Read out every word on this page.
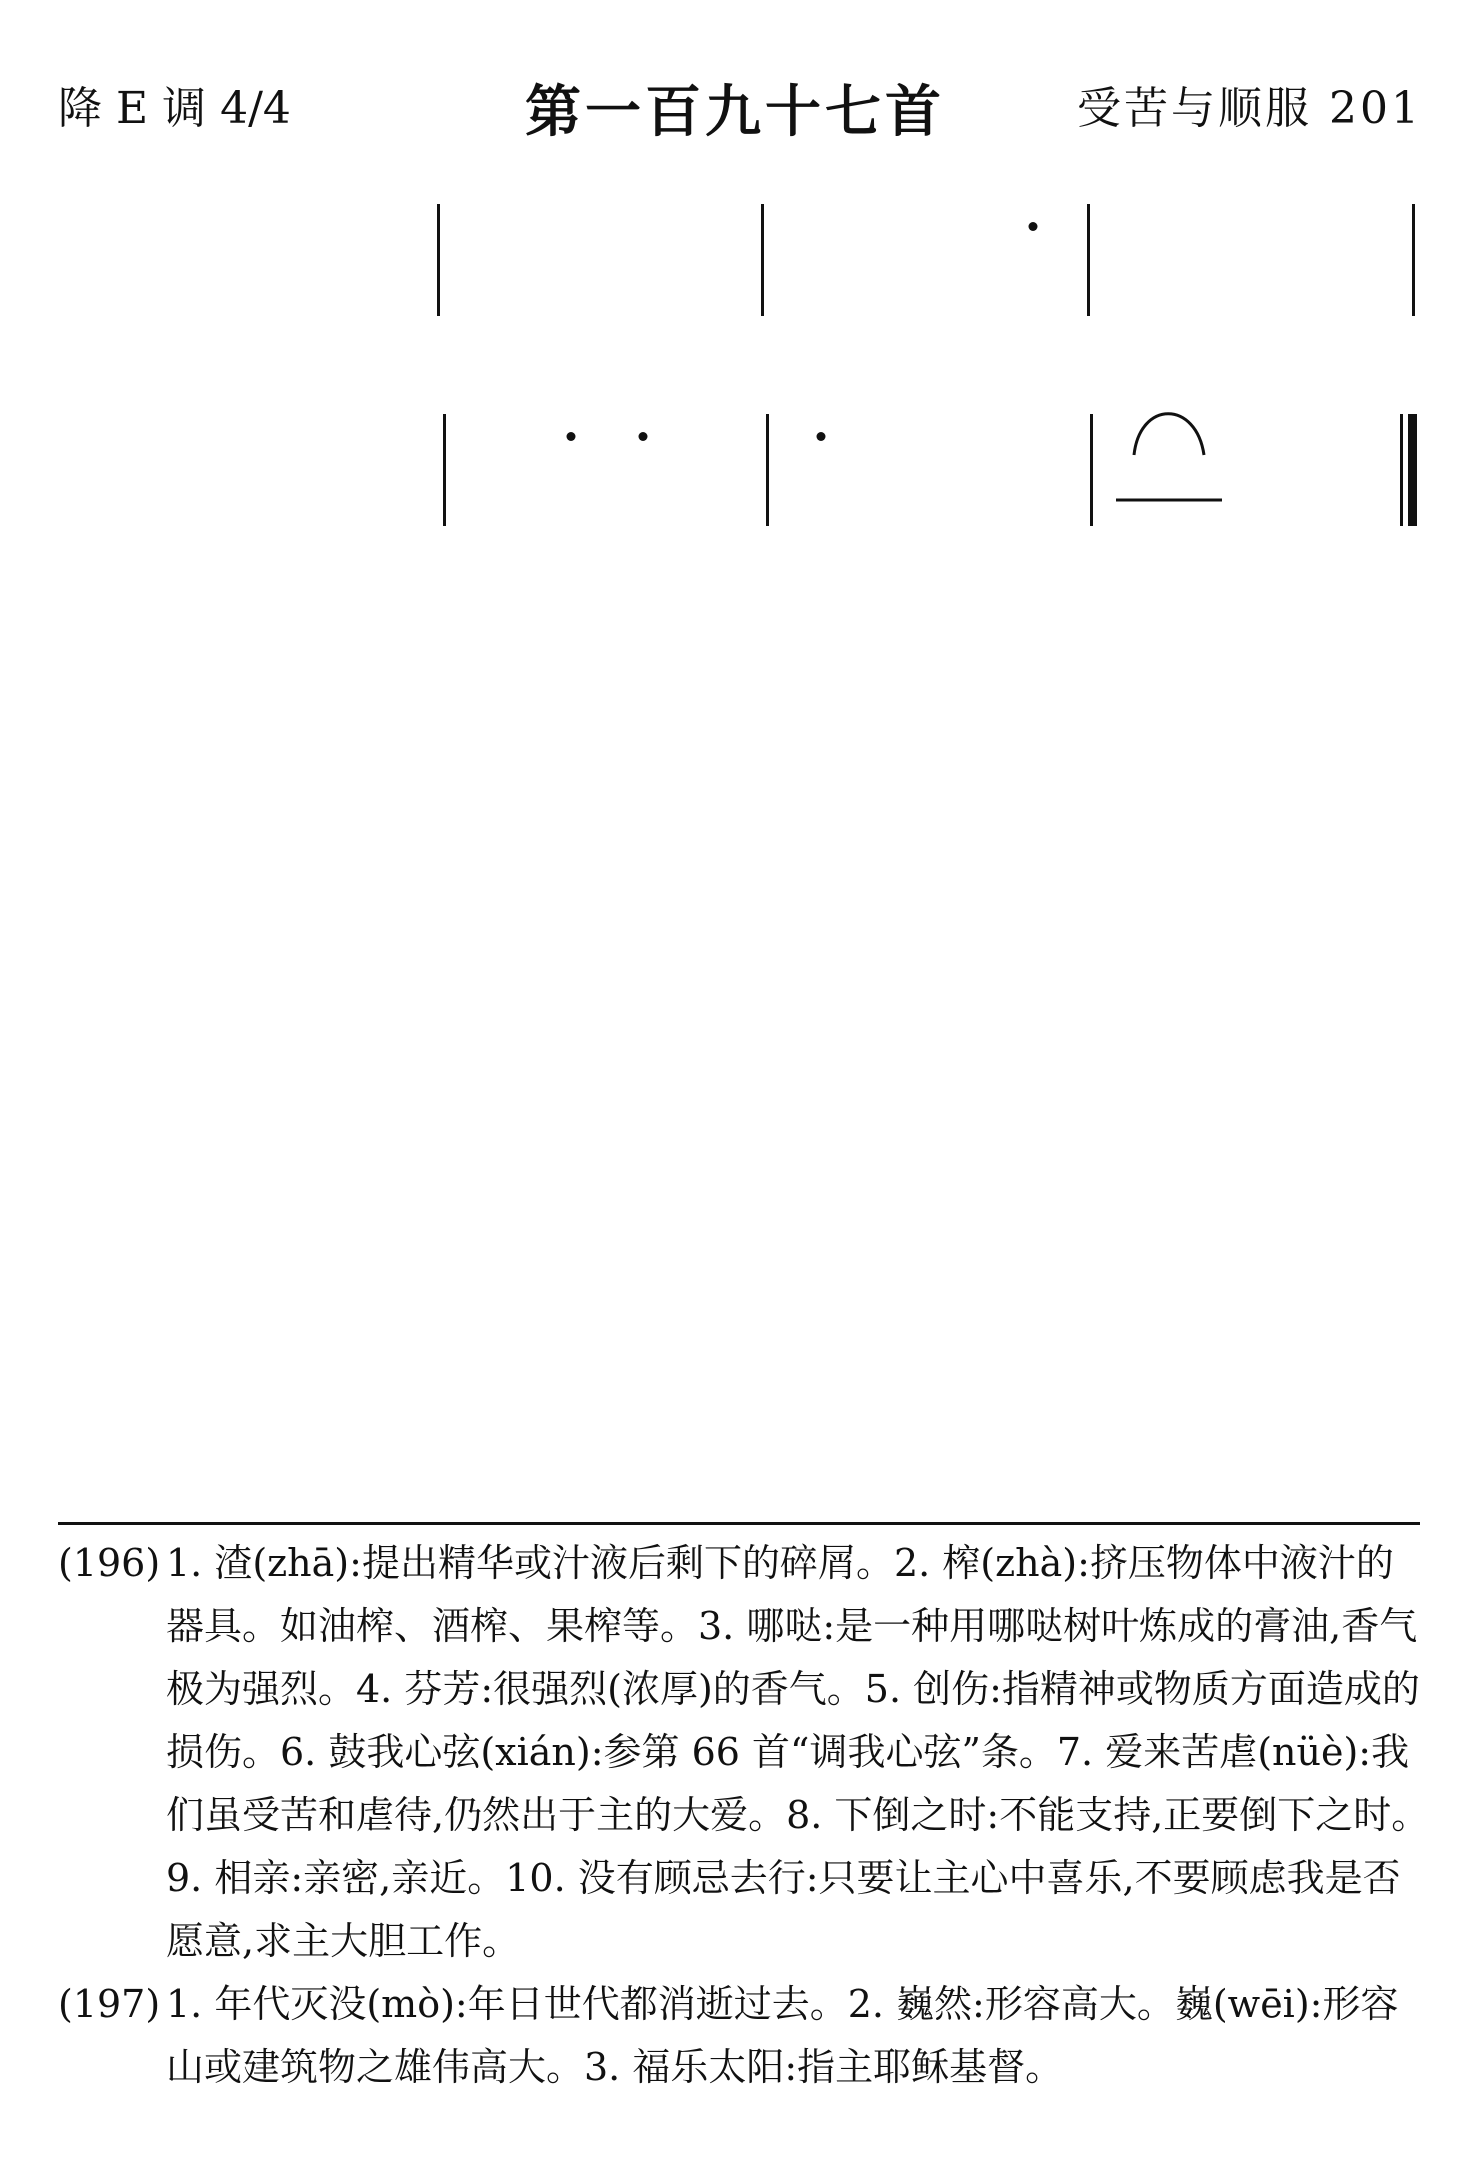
降 E 调 4/4	第一百九十七首	受苦与顺服 201
(196) 1. 渣(zhā):提出精华或汁液后剩下的碎屑。2. 榨(zhà):挤压物体中液汁的器具。如油榨、酒榨、果榨等。3. 哪哒:是一种用哪哒树叶炼成的膏油,香气极为强烈。4. 芬芳:很强烈(浓厚)的香气。5. 创伤:指精神或物质方面造成的损伤。6. 鼓我心弦(xián):参第 66 首“调我心弦”条。7. 爱来苦虐(nüè):我们虽受苦和虐待,仍然出于主的大爱。8. 下倒之时:不能支持,正要倒下之时。9. 相亲:亲密,亲近。10. 没有顾忌去行:只要让主心中喜乐,不要顾虑我是否愿意,求主大胆工作。
(197) 1. 年代灭没(mò):年日世代都消逝过去。2. 巍然:形容高大。巍(wēi):形容山或建筑物之雄伟高大。3. 福乐太阳:指主耶稣基督。
